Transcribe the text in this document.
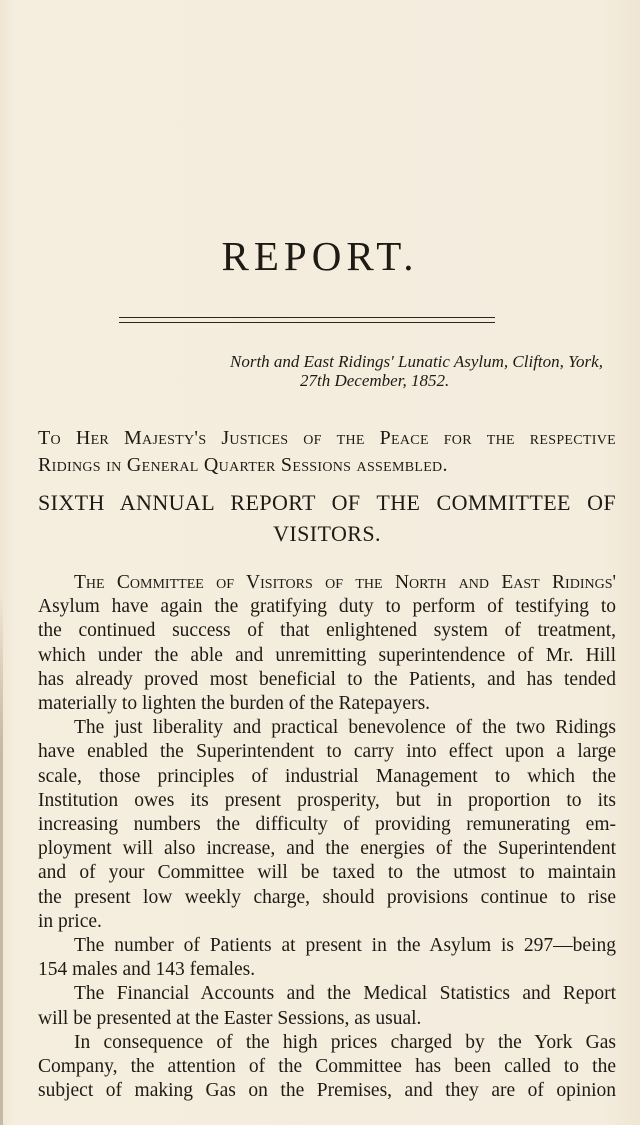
REPORT.
North and East Ridings' Lunatic Asylum, Clifton, York,
27th December, 1852.
To Her Majesty's Justices of the Peace for the respective
Ridings in General Quarter Sessions assembled.
SIXTH ANNUAL REPORT OF THE COMMITTEE OF
VISITORS.
The Committee of Visitors of the North and East Ridings'
Asylum have again the gratifying duty to perform of testifying to
the continued success of that enlightened system of treatment,
which under the able and unremitting superintendence of Mr. Hill
has already proved most beneficial to the Patients, and has tended
materially to lighten the burden of the Ratepayers.
The just liberality and practical benevolence of the two Ridings
have enabled the Superintendent to carry into effect upon a large
scale, those principles of industrial Management to which the
Institution owes its present prosperity, but in proportion to its
increasing numbers the difficulty of providing remunerating em-
ployment will also increase, and the energies of the Superintendent
and of your Committee will be taxed to the utmost to maintain
the present low weekly charge, should provisions continue to rise
in price.
The number of Patients at present in the Asylum is 297—being
154 males and 143 females.
The Financial Accounts and the Medical Statistics and Report
will be presented at the Easter Sessions, as usual.
In consequence of the high prices charged by the York Gas
Company, the attention of the Committee has been called to the
subject of making Gas on the Premises, and they are of opinion
